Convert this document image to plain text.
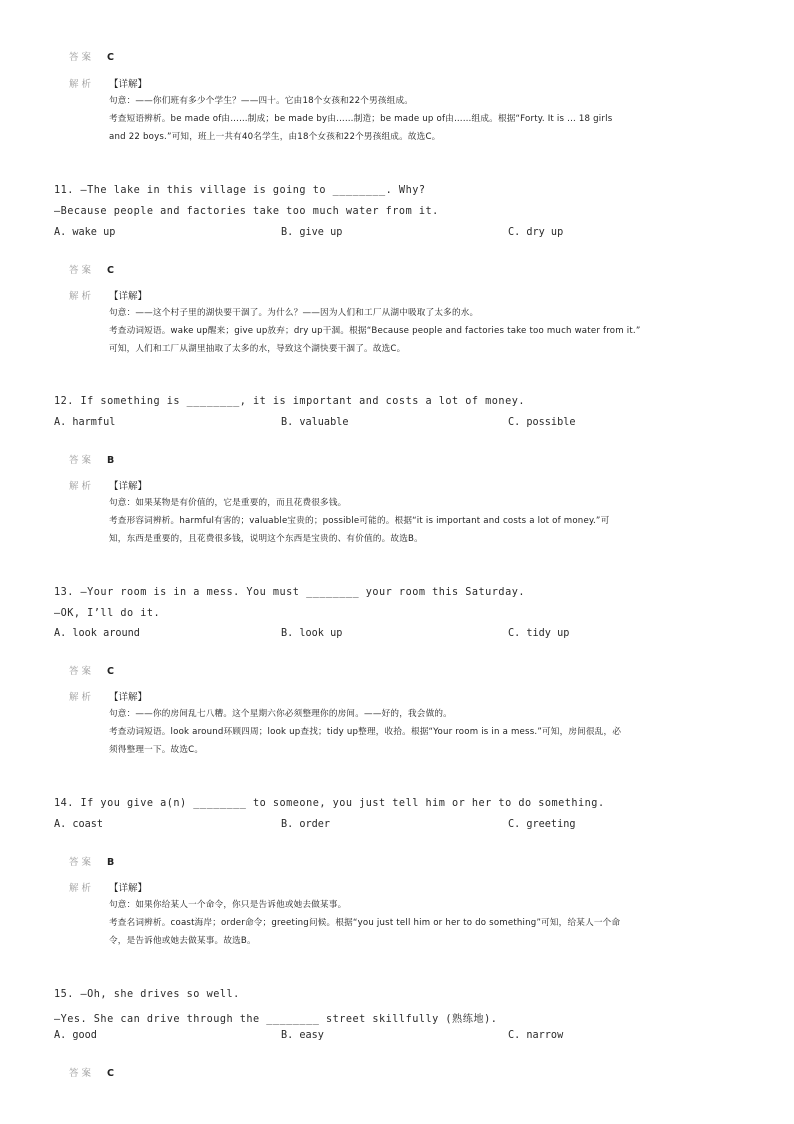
答案 C
解析 【详解】
句意：——你们班有多少个学生？——四十。它由18个女孩和22个男孩组成。
考查短语辨析。be made of由……制成；be made by由……制造；be made up of由……组成。根据“Forty. It is ... 18 girls
and 22 boys.”可知，班上一共有40名学生，由18个女孩和22个男孩组成。故选C。
11. —The lake in this village is going to ________. Why?
—Because people and factories take too much water from it.
A. wake up	B. give up	C. dry up
答案 C
解析 【详解】
句意：——这个村子里的湖快要干涸了。为什么？——因为人们和工厂从湖中吸取了太多的水。
考查动词短语。wake up醒来；give up放弃；dry up干涸。根据“Because people and factories take too much water from it.”
可知，人们和工厂从湖里抽取了太多的水，导致这个湖快要干涸了。故选C。
12. If something is ________, it is important and costs a lot of money.
A. harmful	B. valuable	C. possible
答案 B
解析 【详解】
句意：如果某物是有价值的，它是重要的，而且花费很多钱。
考查形容词辨析。harmful有害的；valuable宝贵的；possible可能的。根据“it is important and costs a lot of money.”可
知，东西是重要的，且花费很多钱，说明这个东西是宝贵的、有价值的。故选B。
13. —Your room is in a mess. You must ________ your room this Saturday.
—OK, I’ll do it.
A. look around	B. look up	C. tidy up
答案 C
解析 【详解】
句意：——你的房间乱七八糟。这个星期六你必须整理你的房间。——好的，我会做的。
考查动词短语。look around环顾四周；look up查找；tidy up整理，收拾。根据“Your room is in a mess.”可知，房间很乱，必
须得整理一下。故选C。
14. If you give a(n) ________ to someone, you just tell him or her to do something.
A. coast	B. order	C. greeting
答案 B
解析 【详解】
句意：如果你给某人一个命令，你只是告诉他或她去做某事。
考查名词辨析。coast海岸；order命令；greeting问候。根据“you just tell him or her to do something”可知，给某人一个命
令，是告诉他或她去做某事。故选B。
15. —Oh, she drives so well.
—Yes. She can drive through the ________ street skillfully (熟练地).
A. good	B. easy	C. narrow
答案 C
